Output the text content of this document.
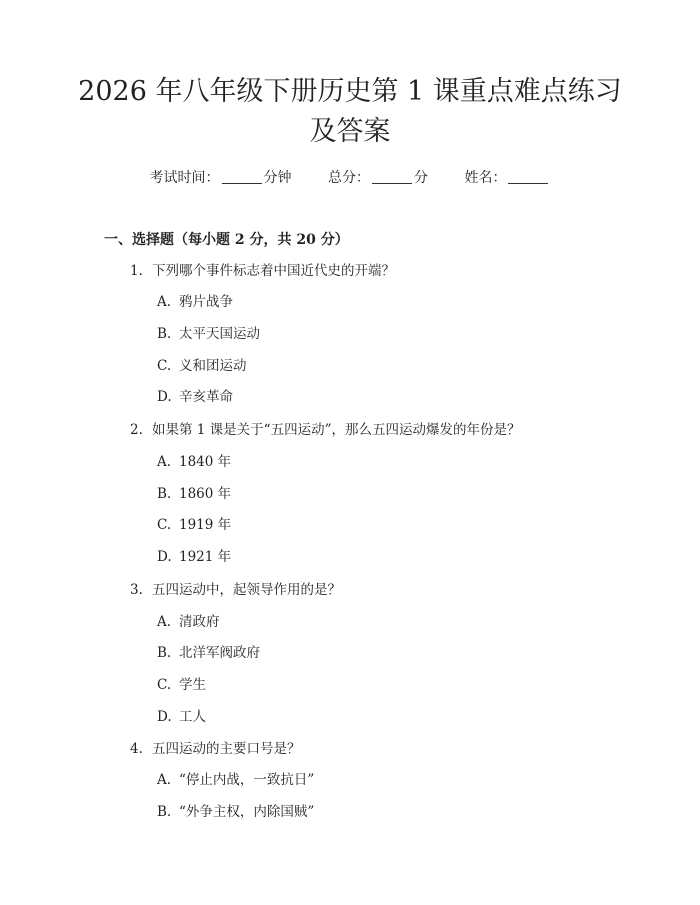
2026 年八年级下册历史第 1 课重点难点练习
及答案
考试时间：	分钟	总分：	分	姓名：
一、选择题（每小题 2 分，共 20 分）
1. 下列哪个事件标志着中国近代史的开端？
A. 鸦片战争
B. 太平天国运动
C. 义和团运动
D. 辛亥革命
2. 如果第 1 课是关于“五四运动”，那么五四运动爆发的年份是？
A. 1840 年
B. 1860 年
C. 1919 年
D. 1921 年
3. 五四运动中，起领导作用的是？
A. 清政府
B. 北洋军阀政府
C. 学生
D. 工人
4. 五四运动的主要口号是？
A. “停止内战，一致抗日”
B. “外争主权，内除国贼”
